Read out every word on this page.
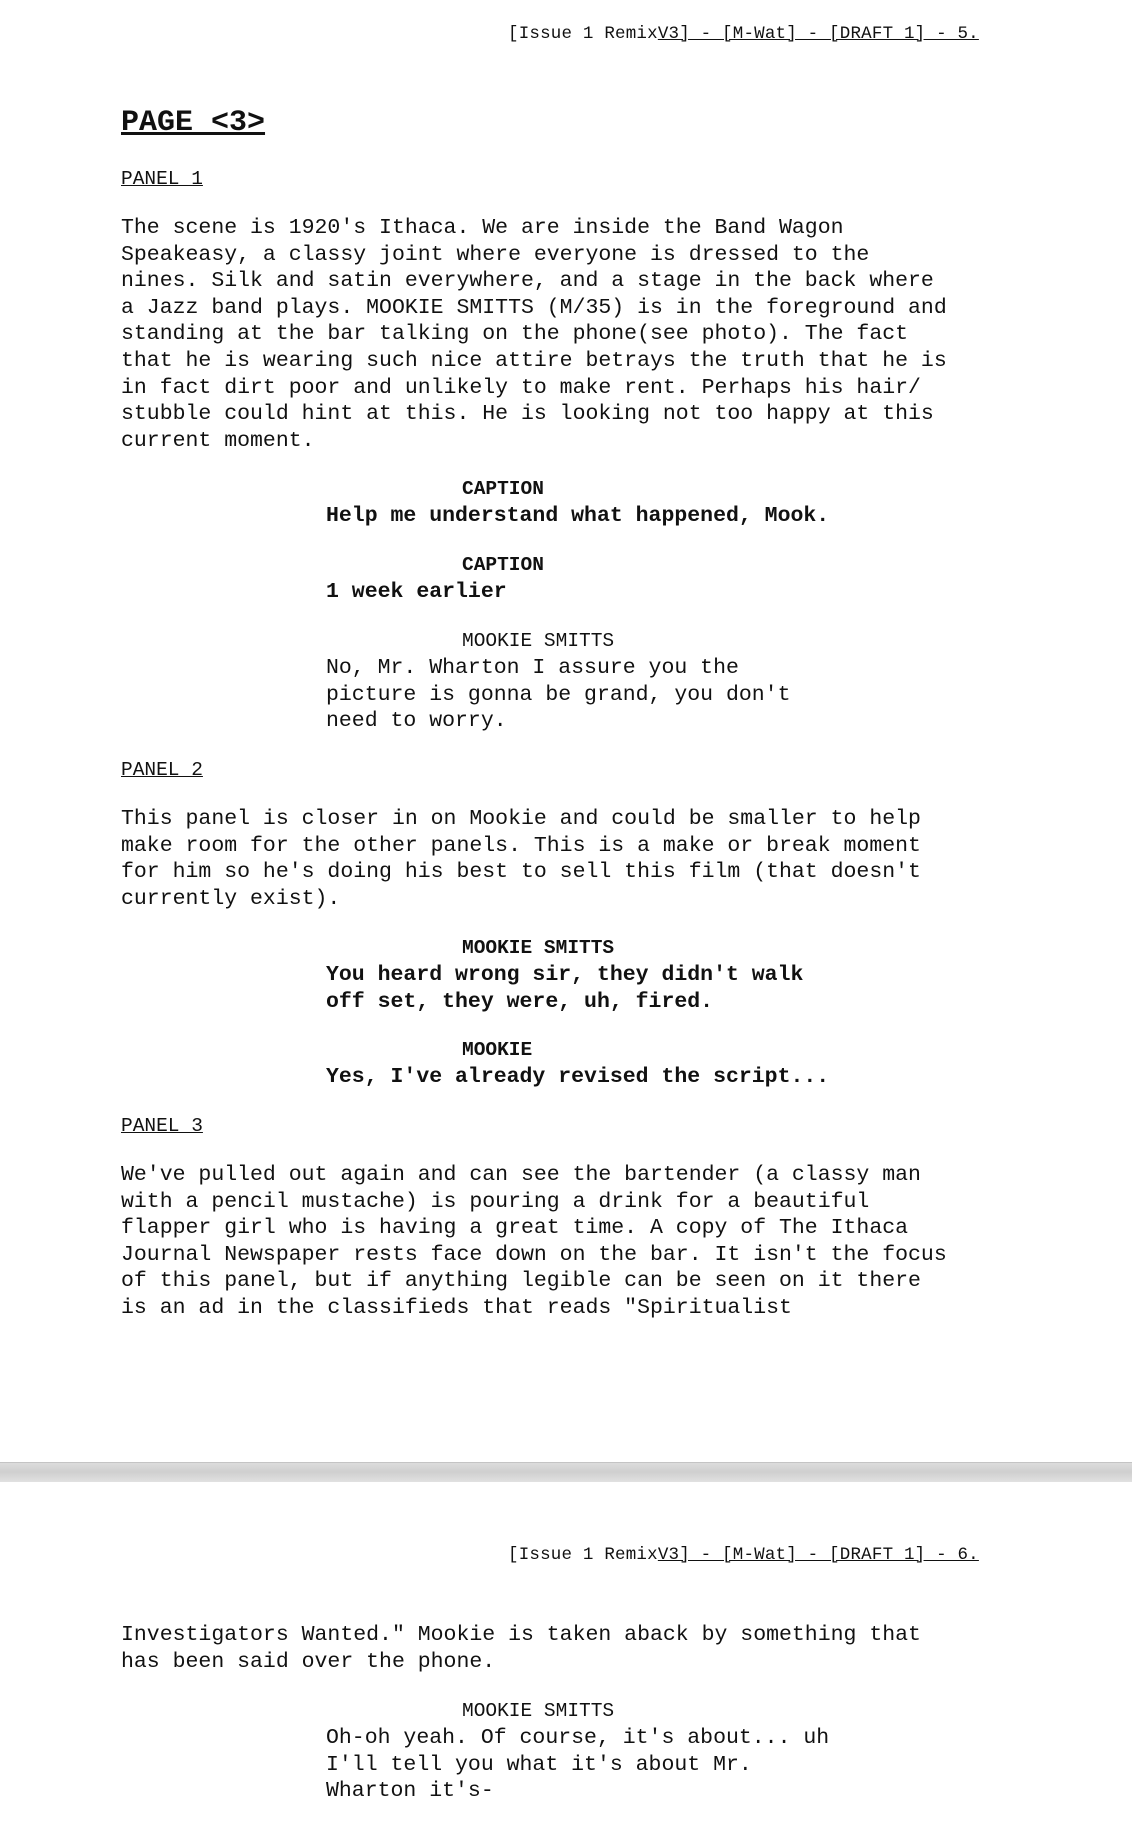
[Issue 1 RemixV3] - [M-Wat] - [DRAFT 1] - 5.
PAGE <3>
PANEL 1
The scene is 1920's Ithaca. We are inside the Band Wagon
Speakeasy, a classy joint where everyone is dressed to the
nines. Silk and satin everywhere, and a stage in the back where
a Jazz band plays. MOOKIE SMITTS (M/35) is in the foreground and
standing at the bar talking on the phone(see photo). The fact
that he is wearing such nice attire betrays the truth that he is
in fact dirt poor and unlikely to make rent. Perhaps his hair/
stubble could hint at this. He is looking not too happy at this
current moment.
CAPTION
Help me understand what happened, Mook.
CAPTION
1 week earlier
MOOKIE SMITTS
No, Mr. Wharton I assure you the
picture is gonna be grand, you don't
need to worry.
PANEL 2
This panel is closer in on Mookie and could be smaller to help
make room for the other panels. This is a make or break moment
for him so he's doing his best to sell this film (that doesn't
currently exist).
MOOKIE SMITTS
You heard wrong sir, they didn't walk
off set, they were, uh, fired.
MOOKIE
Yes, I've already revised the script...
PANEL 3
We've pulled out again and can see the bartender (a classy man
with a pencil mustache) is pouring a drink for a beautiful
flapper girl who is having a great time. A copy of The Ithaca
Journal Newspaper rests face down on the bar. It isn't the focus
of this panel, but if anything legible can be seen on it there
is an ad in the classifieds that reads "Spiritualist
[Issue 1 RemixV3] - [M-Wat] - [DRAFT 1] - 6.
Investigators Wanted." Mookie is taken aback by something that
has been said over the phone.
MOOKIE SMITTS
Oh-oh yeah. Of course, it's about... uh
I'll tell you what it's about Mr.
Wharton it's-
